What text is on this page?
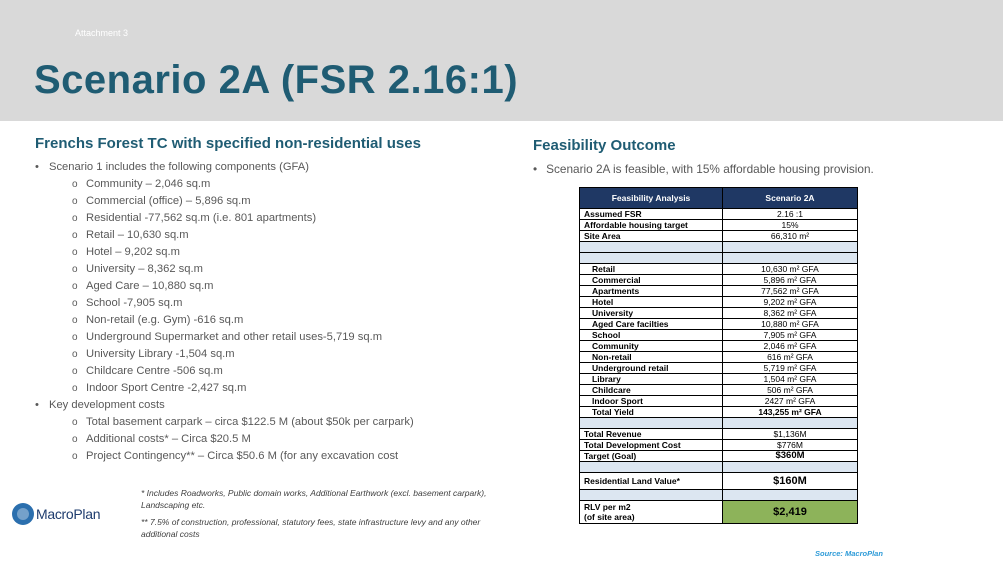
Attachment 3
Scenario 2A (FSR 2.16:1)
Frenchs Forest TC with specified non-residential uses
• Scenario 1 includes the following components (GFA)
o Community – 2,046 sq.m
o Commercial (office) – 5,896 sq.m
o Residential -77,562 sq.m (i.e. 801 apartments)
o Retail – 10,630 sq.m
o Hotel – 9,202 sq.m
o University – 8,362 sq.m
o Aged Care – 10,880 sq.m
o School -7,905 sq.m
o Non-retail (e.g. Gym) -616 sq.m
o Underground Supermarket and other retail uses-5,719 sq.m
o University Library -1,504 sq.m
o Childcare Centre -506 sq.m
o Indoor Sport Centre -2,427 sq.m
• Key development costs
o Total basement carpark – circa $122.5 M (about $50k per carpark)
o Additional costs* – Circa $20.5 M
o Project Contingency** – Circa $50.6 M (for any excavation cost
MacroPlan
* Includes Roadworks, Public domain works, Additional Earthwork (excl. basement carpark), Landscaping etc.
** 7.5% of construction, professional, statutory fees, state infrastructure levy and any other additional costs
Feasibility Outcome
• Scenario 2A is feasible, with 15% affordable housing provision.
Feasibility Analysis	Scenario 2A
Assumed FSR	2.16 :1
Affordable housing target	15%
Site Area	66,310 m²

Retail	10,630 m² GFA
Commercial	5,896 m² GFA
Apartments	77,562 m² GFA
Hotel	9,202 m² GFA
University	8,362 m² GFA
Aged Care facilties	10,880 m² GFA
School	7,905 m² GFA
Community	2,046 m² GFA
Non-retail	616 m² GFA
Underground retail	5,719 m² GFA
Library	1,504 m² GFA
Childcare	506 m² GFA
Indoor Sport	2427 m² GFA
Total Yield	143,255 m² GFA

Total Revenue	$1,136M
Total Development Cost	$776M
Target (Goal)	$360M

Residential Land Value*	$160M

RLV per m2
(of site area)	$2,419
Source: MacroPlan
